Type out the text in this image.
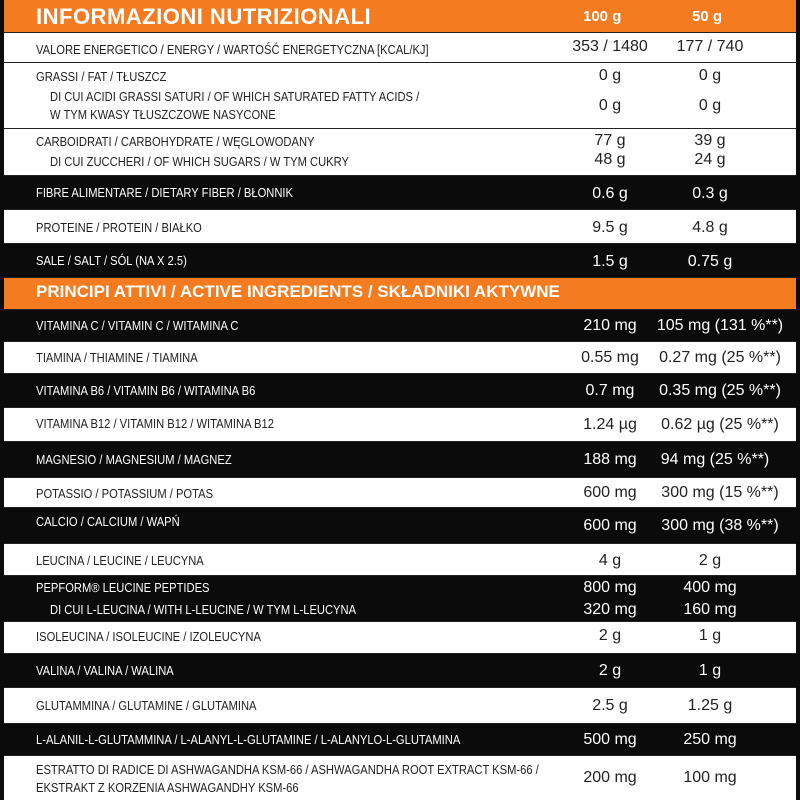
INFORMAZIONI NUTRIZIONALI	100 g	50 g
VALORE ENERGETICO / ENERGY / WARTOŚĆ ENERGETYCZNA [KCAL/KJ]	353 / 1480	177 / 740
GRASSI / FAT / TŁUSZCZ	0 g	0 g
DI CUI ACIDI GRASSI SATURI / OF WHICH SATURATED FATTY ACIDS /
W TYM KWASY TŁUSZCZOWE NASYCONE
0 g	0 g
CARBOIDRATI / CARBOHYDRATE / WĘGLOWODANY	77 g	39 g
DI CUI ZUCCHERI / OF WHICH SUGARS / W TYM CUKRY	48 g	24 g
FIBRE ALIMENTARE / DIETARY FIBER / BŁONNIK	0.6 g	0.3 g
PROTEINE / PROTEIN / BIAŁKO	9.5 g	4.8 g
SALE / SALT / SÓL (NA X 2.5)	1.5 g	0.75 g
PRINCIPI ATTIVI / ACTIVE INGREDIENTS / SKŁADNIKI AKTYWNE
VITAMINA C / VITAMIN C / WITAMINA C	210 mg	105 mg (131 %**)
TIAMINA / THIAMINE / TIAMINA	0.55 mg	0.27 mg (25 %**)
VITAMINA B6 / VITAMIN B6 / WITAMINA B6	0.7 mg	0.35 mg (25 %**)
VITAMINA B12 / VITAMIN B12 / WITAMINA B12	1.24 µg	0.62 µg (25 %**)
MAGNESIO / MAGNESIUM / MAGNEZ	188 mg	94 mg (25 %**)
POTASSIO / POTASSIUM / POTAS	600 mg	300 mg (15 %**)
CALCIO / CALCIUM / WAPŃ	600 mg	300 mg (38 %**)
LEUCINA / LEUCINE / LEUCYNA	4 g	2 g
PEPFORM® LEUCINE PEPTIDES	800 mg	400 mg
DI CUI L-LEUCINA / WITH L-LEUCINE / W TYM L-LEUCYNA	320 mg	160 mg
ISOLEUCINA / ISOLEUCINE / IZOLEUCYNA	2 g	1 g
VALINA / VALINA / WALINA	2 g	1 g
GLUTAMMINA / GLUTAMINE / GLUTAMINA	2.5 g	1.25 g
L-ALANIL-L-GLUTAMMINA / L-ALANYL-L-GLUTAMINE / L-ALANYLO-L-GLUTAMINA	500 mg	250 mg
ESTRATTO DI RADICE DI ASHWAGANDHA KSM-66 / ASHWAGANDHA ROOT EXTRACT KSM-66 /
EKSTRAKT Z KORZENIA ASHWAGANDHY KSM-66
200 mg	100 mg
